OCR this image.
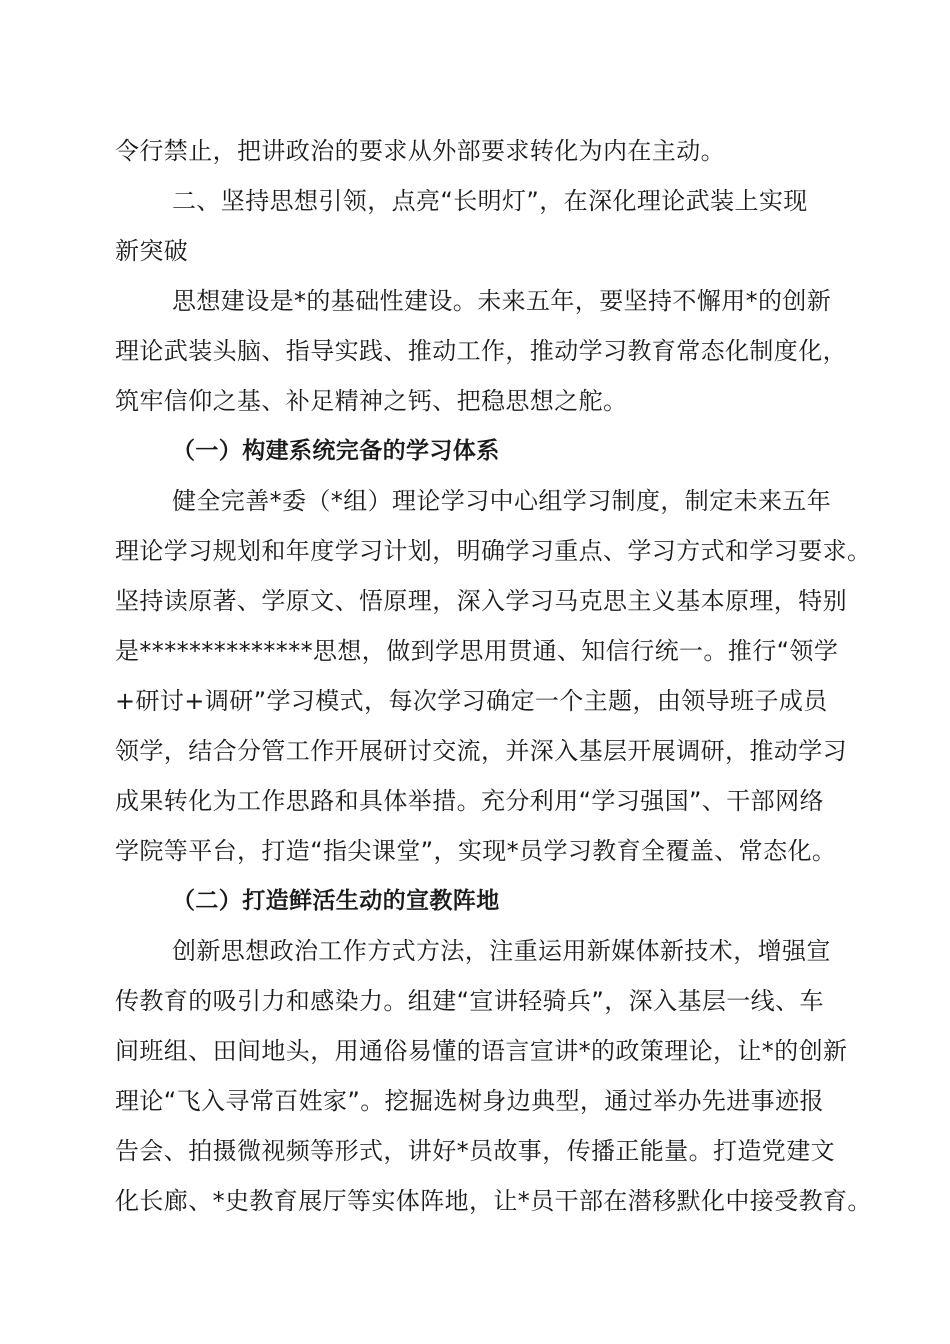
令行禁止，把讲政治的要求从外部要求转化为内在主动。
二、坚持思想引领，点亮“长明灯”，在深化理论武装上实现
新突破
思想建设是*的基础性建设。未来五年，要坚持不懈用*的创新
理论武装头脑、指导实践、推动工作，推动学习教育常态化制度化，
筑牢信仰之基、补足精神之钙、把稳思想之舵。
（一）构建系统完备的学习体系
健全完善*委（*组）理论学习中心组学习制度，制定未来五年
理论学习规划和年度学习计划，明确学习重点、学习方式和学习要求。
坚持读原著、学原文、悟原理，深入学习马克思主义基本原理，特别
是**************思想，做到学思用贯通、知信行统一。推行“领学
+研讨+调研”学习模式，每次学习确定一个主题，由领导班子成员
领学，结合分管工作开展研讨交流，并深入基层开展调研，推动学习
成果转化为工作思路和具体举措。充分利用“学习强国”、干部网络
学院等平台，打造“指尖课堂”，实现*员学习教育全覆盖、常态化。
（二）打造鲜活生动的宣教阵地
创新思想政治工作方式方法，注重运用新媒体新技术，增强宣
传教育的吸引力和感染力。组建“宣讲轻骑兵”，深入基层一线、车
间班组、田间地头，用通俗易懂的语言宣讲*的政策理论，让*的创新
理论“飞入寻常百姓家”。挖掘选树身边典型，通过举办先进事迹报
告会、拍摄微视频等形式，讲好*员故事，传播正能量。打造党建文
化长廊、*史教育展厅等实体阵地，让*员干部在潜移默化中接受教育。
